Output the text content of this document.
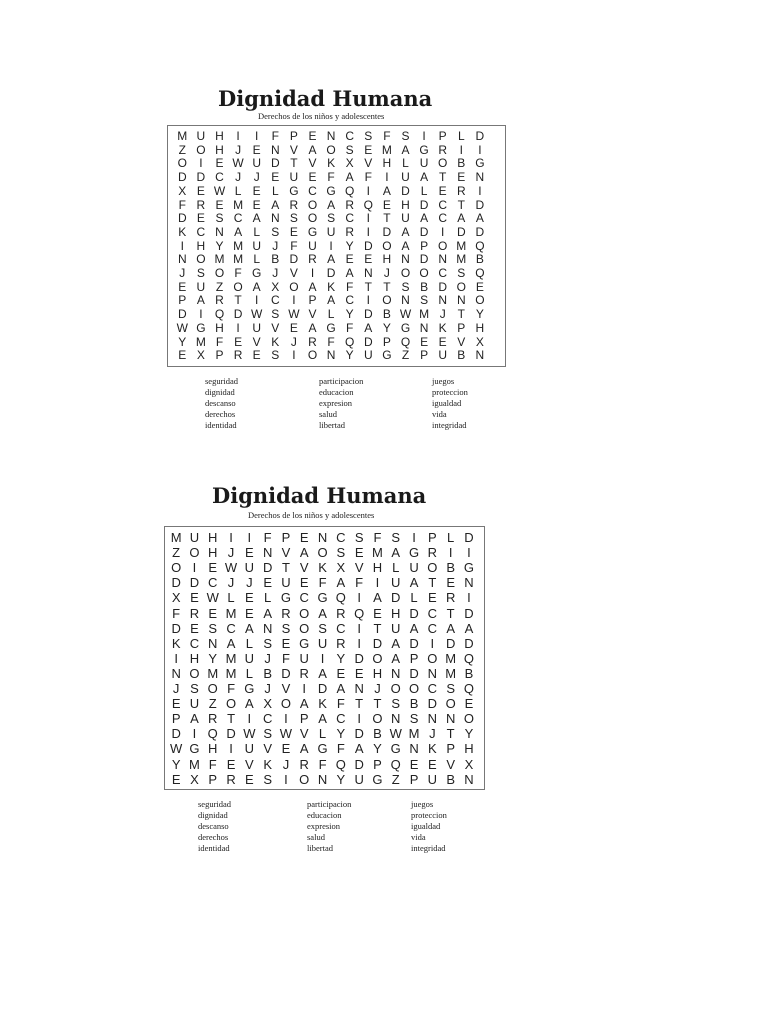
Dignidad Humana
Derechos de los niños y adolescentes
M U H	I	I	F P E N C S F S	I	P L D
Z O H J E N V A O S E M A G R	I	I
O	I	E W U D T V K X V H L U O B G
D D C J	J E U E F A F	I	U A T E N
X E W L E L G C G Q	I	A D L E R	I
F R E M E A R O A R Q E H D C T D
D E S C A N S O S C	I	T U A C A A
K C N A L S E G U R	I	D A D	I	D D
I	H Y M U J F U	I	Y D O A P O M Q
N O M M L B D R A E E H N D N M B
J S O F G J V	I	D A N J O O C S Q
E U Z O A X O A K F T T S B D O E
P A R T	I	C	I	P A C	I	O N S N N O
D	I	Q D W S W V L Y D B W M J T Y
W G H	I	U V E A G F A Y G N K P H
Y M F E V K J R F Q D P Q E E V X
E X P R E S	I	O N Y U G Z P U B N
seguridad
dignidad
descanso
derechos
identidad
participacion
educacion
expresion
salud
libertad
juegos
proteccion
igualdad
vida
integridad
Dignidad Humana
Derechos de los niños y adolescentes
M U H I	I F P E N C S F S I P L D
Z O H J E N V A O S E M A G R I	I
O I E W U D T V K X V H L U O B G
D D C J J E U E F A F I U A T E N
X E W L E L G C G Q I A D L E R I
F R E M E A R O A R Q E H D C T D
D E S C A N S O S C I T U A C A A
K C N A L S E G U R I D A D I D D
I H Y M U J F U I Y D O A P O M Q
N O M M L B D R A E E H N D N M B
J S O F G J V I D A N J O O C S Q
E U Z O A X O A K F T T S B D O E
P A R T I C I P A C I O N S N N O
D I Q D W S W V L Y D B W M J T Y
W G H I U V E A G F A Y G N K P H
Y M F E V K J R F Q D P Q E E V X
E X P R E S I O N Y U G Z P U B N
seguridad
dignidad
descanso
derechos
identidad
participacion
educacion
expresion
salud
libertad
juegos
proteccion
igualdad
vida
integridad
